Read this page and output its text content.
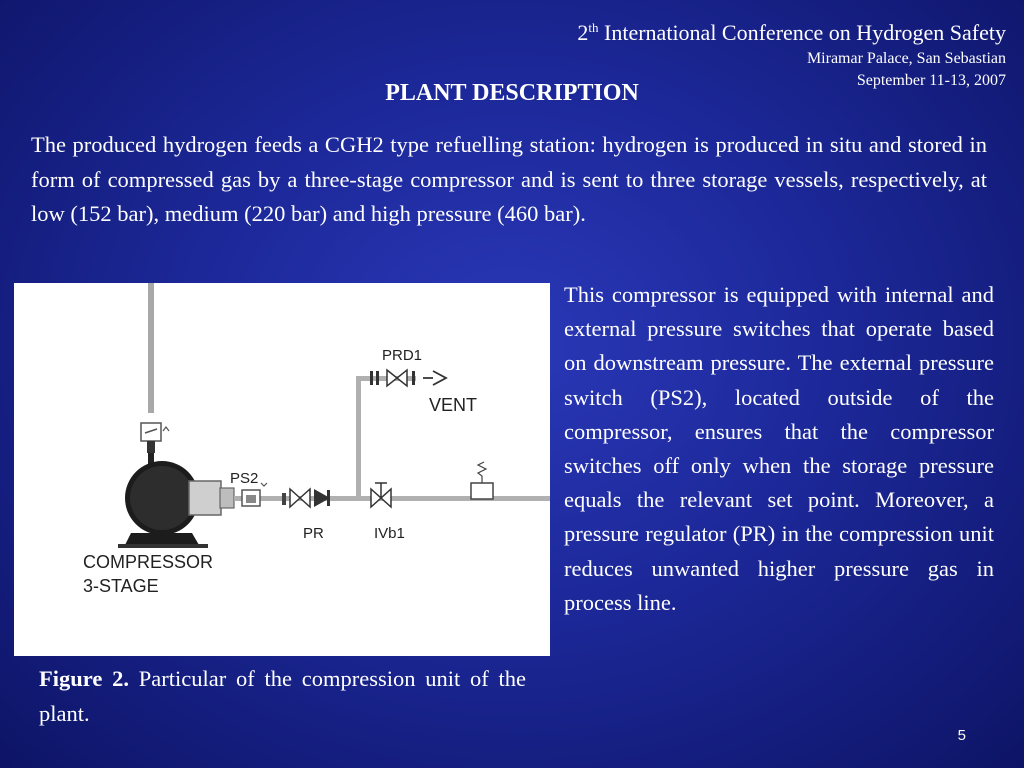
2th International Conference on Hydrogen Safety
Miramar Palace, San Sebastian
September 11-13, 2007
PLANT DESCRIPTION
The produced hydrogen feeds a CGH2 type refuelling station: hydrogen is produced in situ and stored in form of compressed gas by a three-stage compressor and is sent to three storage vessels, respectively, at low (152 bar), medium (220 bar) and high pressure (460 bar).
PRD1
VENT
PS2
PR	IVb1
COMPRESSOR
3-STAGE
Figure 2. Particular of the compression unit of the plant.
This compressor is equipped with internal and external pressure switches that operate based on downstream pressure. The external pressure switch (PS2), located outside of the compressor, ensures that the compressor switches off only when the storage pressure equals the relevant set point. Moreover, a pressure regulator (PR) in the compression unit reduces unwanted higher pressure gas in process line.
5
